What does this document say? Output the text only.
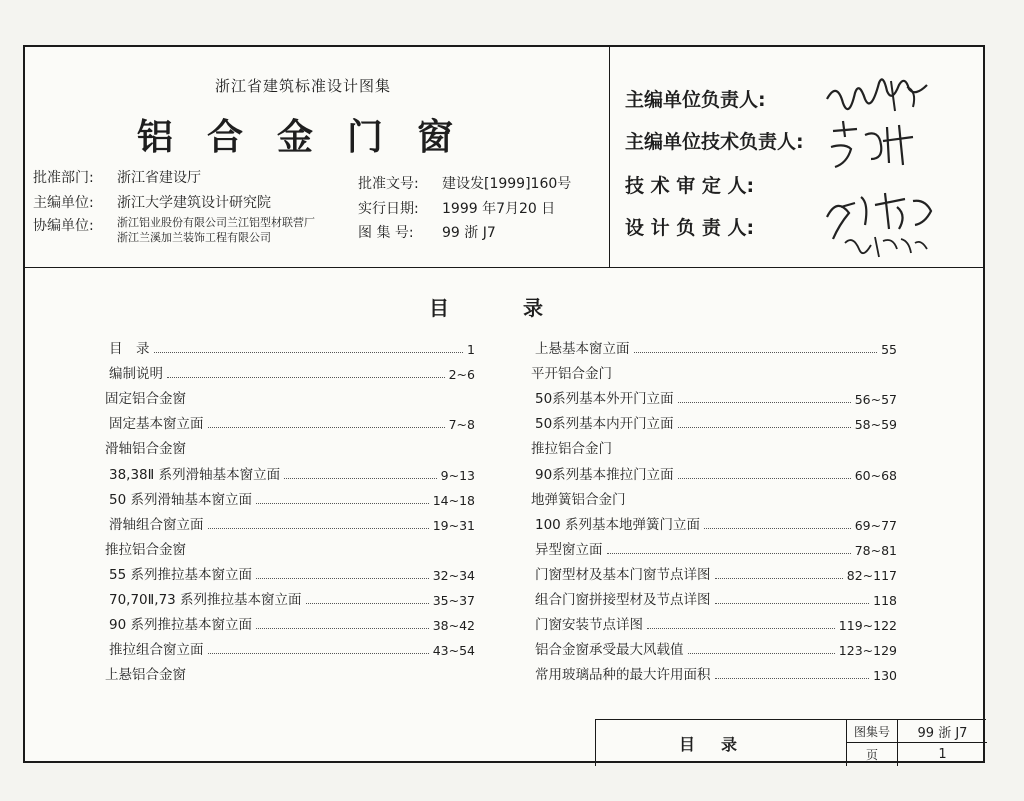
浙江省建筑标准设计图集
铝合金门窗
批准部门: 浙江省建设厅
主编单位: 浙江大学建筑设计研究院
协编单位: 浙江铝业股份有限公司兰江铝型材联营厂
浙江兰溪加兰装饰工程有限公司
批准文号: 建设发[1999]160号
实行日期: 1999 年7月20 日
图 集 号: 99 浙 J7
主编单位负责人:
主编单位技术负责人:
技 术 审 定 人:
设 计 负 责 人:
目录
目　录	1
编制说明	2~6
固定铝合金窗
固定基本窗立面	7~8
滑轴铝合金窗
38,38Ⅱ 系列滑轴基本窗立面	9~13
50 系列滑轴基本窗立面	14~18
滑轴组合窗立面	19~31
推拉铝合金窗
55 系列推拉基本窗立面	32~34
70,70Ⅱ,73 系列推拉基本窗立面	35~37
90 系列推拉基本窗立面	38~42
推拉组合窗立面	43~54
上悬铝合金窗
上悬基本窗立面	55
平开铝合金门
50系列基本外开门立面	56~57
50系列基本内开门立面	58~59
推拉铝合金门
90系列基本推拉门立面	60~68
地弹簧铝合金门
100 系列基本地弹簧门立面	69~77
异型窗立面	78~81
门窗型材及基本门窗节点详图	82~117
组合门窗拼接型材及节点详图	118
门窗安装节点详图	119~122
铝合金窗承受最大风载值	123~129
常用玻璃品种的最大许用面积	130
目录
图集号	99 浙 J7
页	1
